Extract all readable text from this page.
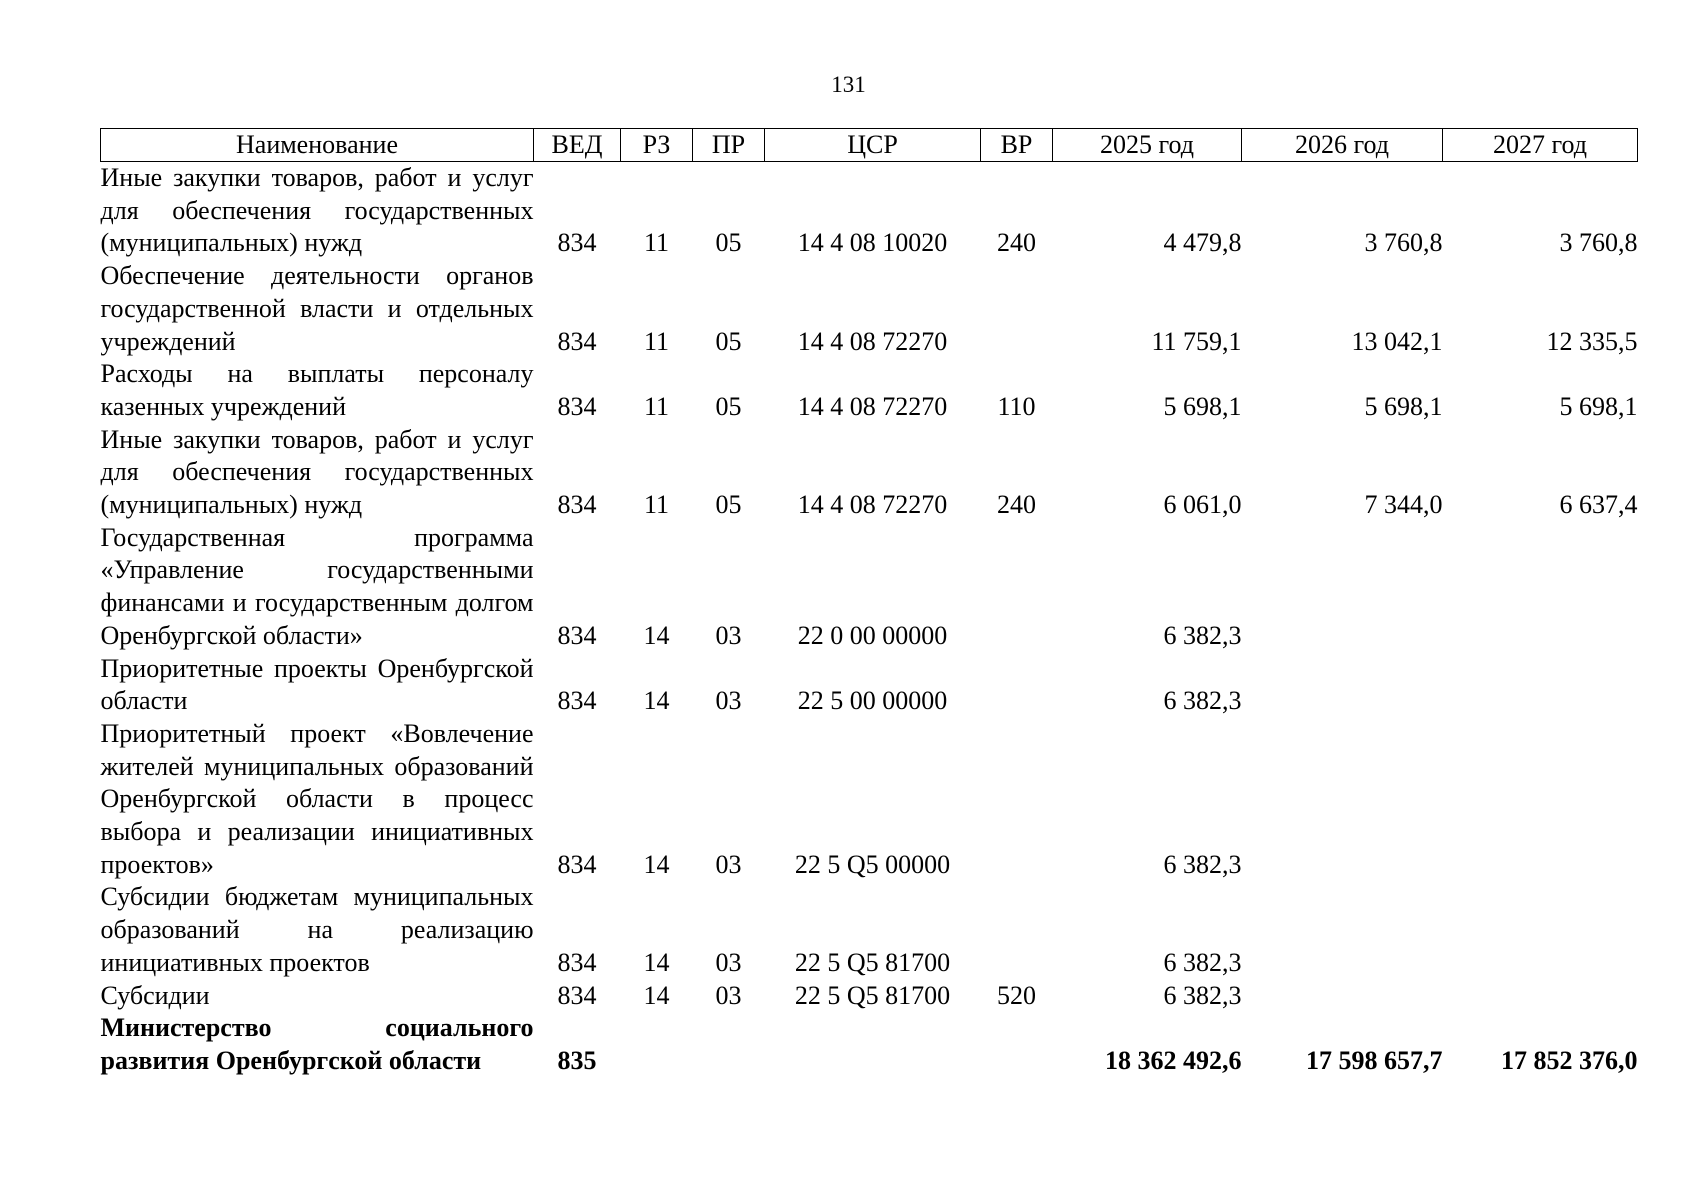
131
Наименование	ВЕД	РЗ	ПР	ЦСР	ВР	2025 год	2026 год	2027 год
Иные закупки товаров, работ и услуг для обеспечения государственных (муниципальных) нужд	834	11	05	14 4 08 10020	240	4 479,8	3 760,8	3 760,8
Обеспечение деятельности органов государственной власти и отдельных учреждений	834	11	05	14 4 08 72270		11 759,1	13 042,1	12 335,5
Расходы на выплаты персоналу казенных учреждений	834	11	05	14 4 08 72270	110	5 698,1	5 698,1	5 698,1
Иные закупки товаров, работ и услуг для обеспечения государственных (муниципальных) нужд	834	11	05	14 4 08 72270	240	6 061,0	7 344,0	6 637,4
Государственная программа «Управление государственными финансами и государственным долгом Оренбургской области»	834	14	03	22 0 00 00000		6 382,3		
Приоритетные проекты Оренбургской области	834	14	03	22 5 00 00000		6 382,3		
Приоритетный проект «Вовлечение жителей муниципальных образований Оренбургской области в процесс выбора и реализации инициативных проектов»	834	14	03	22 5 Q5 00000		6 382,3		
Субсидии бюджетам муниципальных образований на реализацию инициативных проектов	834	14	03	22 5 Q5 81700		6 382,3		
Субсидии	834	14	03	22 5 Q5 81700	520	6 382,3		
Министерство социального развития Оренбургской области	835					18 362 492,6	17 598 657,7	17 852 376,0
